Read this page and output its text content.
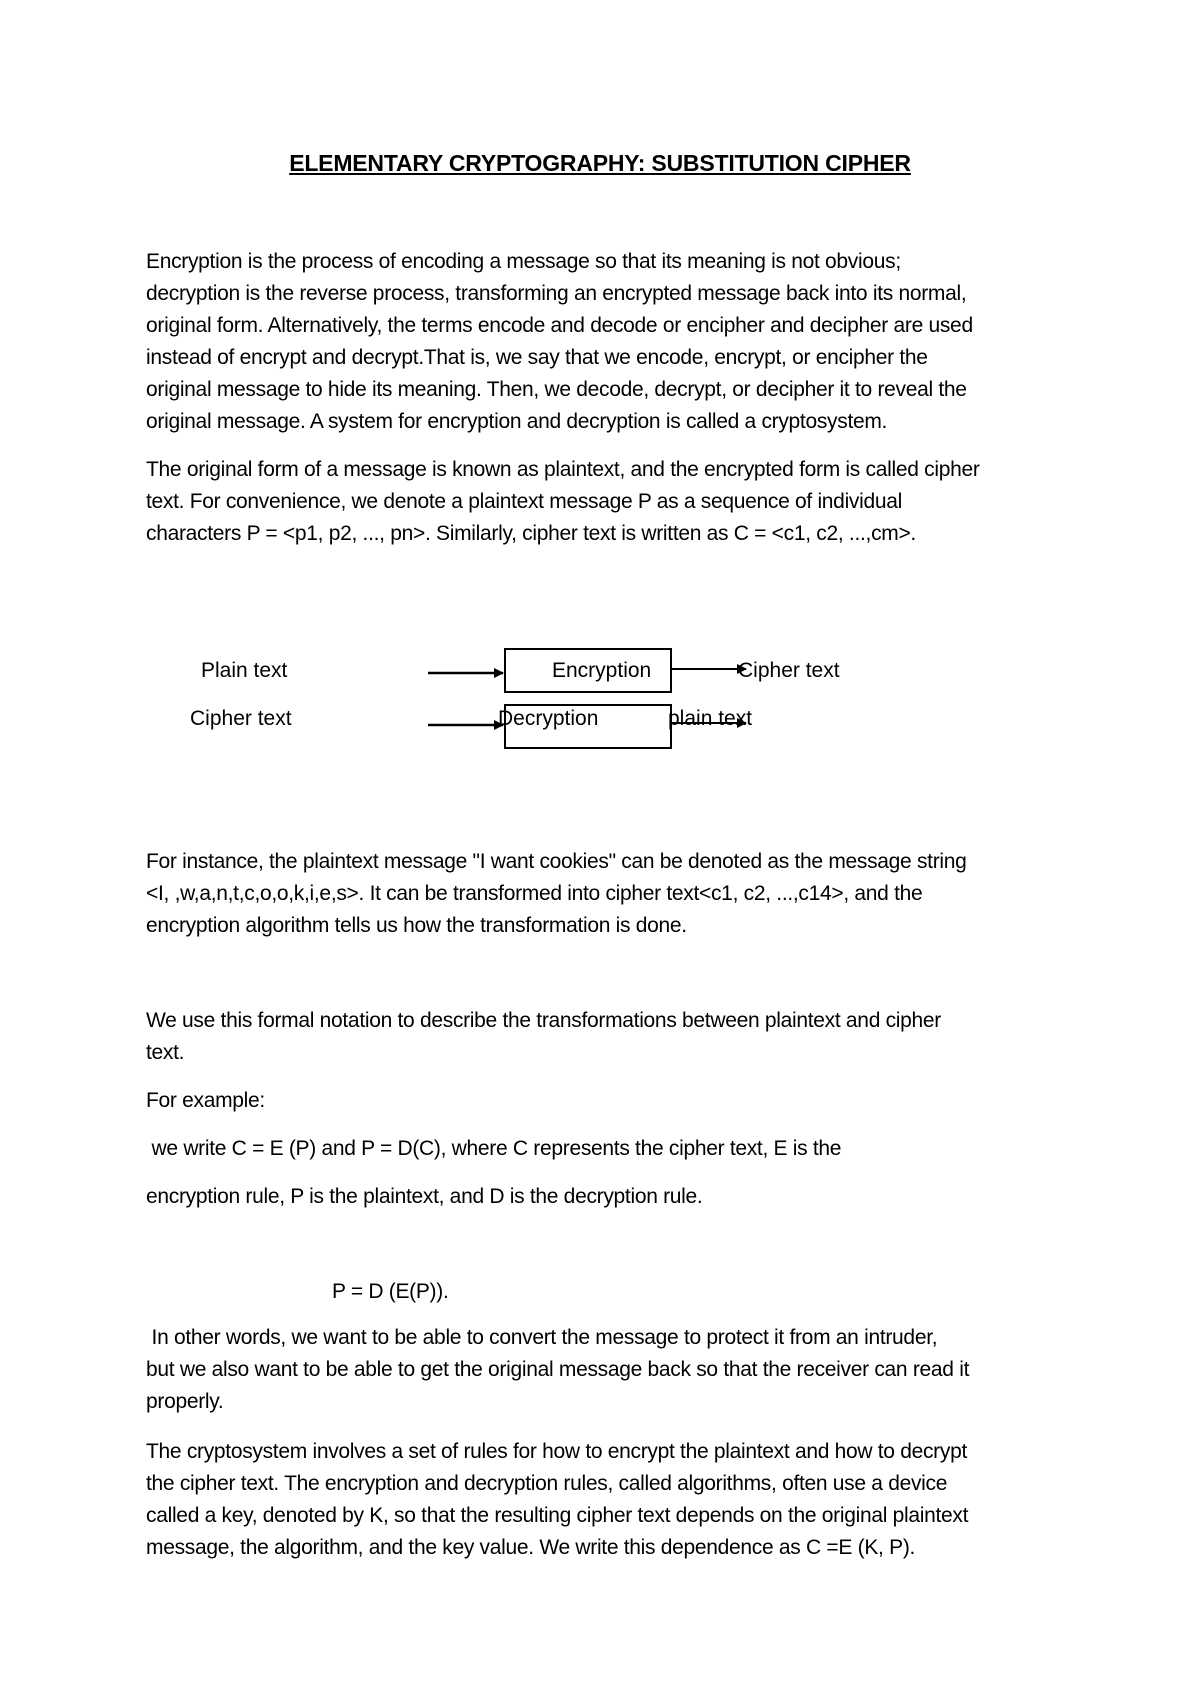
ELEMENTARY CRYPTOGRAPHY: SUBSTITUTION CIPHER
Encryption is the process of encoding a message so that its meaning is not obvious;
decryption is the reverse process, transforming an encrypted message back into its normal,
original form. Alternatively, the terms encode and decode or encipher and decipher are used
instead of encrypt and decrypt.That is, we say that we encode, encrypt, or encipher the
original message to hide its meaning. Then, we decode, decrypt, or decipher it to reveal the
original message. A system for encryption and decryption is called a cryptosystem.
The original form of a message is known as plaintext, and the encrypted form is called cipher
text. For convenience, we denote a plaintext message P as a sequence of individual
characters P = <p1, p2, ..., pn>. Similarly, cipher text is written as C = <c1, c2, ...,cm>.
Plain text	Encryption	Cipher text
Cipher text	Decryption	plain text
For instance, the plaintext message "I want cookies" can be denoted as the message string
<I, ,w,a,n,t,c,o,o,k,i,e,s>. It can be transformed into cipher text<c1, c2, ...,c14>, and the
encryption algorithm tells us how the transformation is done.
We use this formal notation to describe the transformations between plaintext and cipher
text.
For example:
we write C = E (P) and P = D(C), where C represents the cipher text, E is the
encryption rule, P is the plaintext, and D is the decryption rule.
P = D (E(P)).
In other words, we want to be able to convert the message to protect it from an intruder,
but we also want to be able to get the original message back so that the receiver can read it
properly.
The cryptosystem involves a set of rules for how to encrypt the plaintext and how to decrypt
the cipher text. The encryption and decryption rules, called algorithms, often use a device
called a key, denoted by K, so that the resulting cipher text depends on the original plaintext
message, the algorithm, and the key value. We write this dependence as C =E (K, P).
